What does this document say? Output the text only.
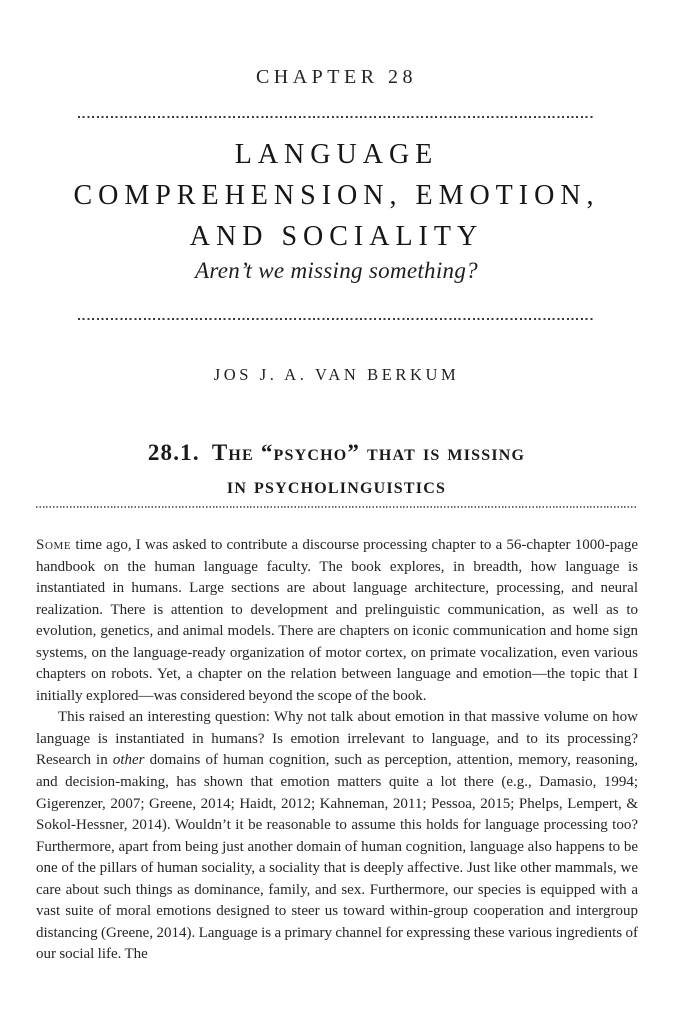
CHAPTER 28
LANGUAGE
COMPREHENSION, EMOTION,
AND SOCIALITY
Aren’t we missing something?
JOS J. A. VAN BERKUM
28.1. The “psycho” that is missing
in psycholinguistics

Some time ago, I was asked to contribute a discourse processing chapter to a 56-chapter 1000-page handbook on the human language faculty. The book explores, in breadth, how language is instantiated in humans. Large sections are about language architecture, processing, and neural realization. There is attention to development and prelinguistic communication, as well as to evolution, genetics, and animal models. There are chapters on iconic communication and home sign systems, on the language-ready organization of motor cortex, on primate vocalization, even various chapters on robots. Yet, a chapter on the relation between language and emotion—the topic that I initially explored—was considered beyond the scope of the book.

This raised an interesting question: Why not talk about emotion in that massive volume on how language is instantiated in humans? Is emotion irrelevant to language, and to its processing? Research in other domains of human cognition, such as perception, attention, memory, reasoning, and decision-making, has shown that emotion matters quite a lot there (e.g., Damasio, 1994; Gigerenzer, 2007; Greene, 2014; Haidt, 2012; Kahneman, 2011; Pessoa, 2015; Phelps, Lempert, & Sokol-Hessner, 2014). Wouldn’t it be reasonable to assume this holds for language processing too? Furthermore, apart from being just another domain of human cognition, language also happens to be one of the pillars of human sociality, a sociality that is deeply affective. Just like other mammals, we care about such things as dominance, family, and sex. Furthermore, our species is equipped with a vast suite of moral emotions designed to steer us toward within-group cooperation and intergroup distancing (Greene, 2014). Language is a primary channel for expressing these various ingredients of our social life. The
